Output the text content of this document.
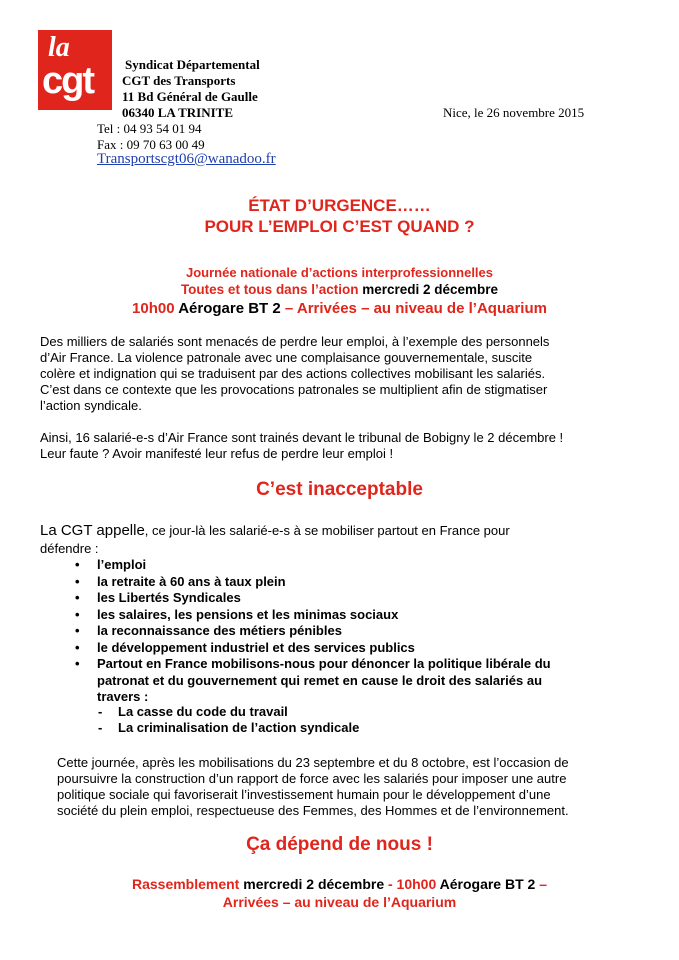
la
cgt Syndicat Départemental
CGT des Transports
11 Bd Général de Gaulle
06340 LA TRINITE	Nice, le 26 novembre 2015
Tel : 04 93 54 01 94
Fax : 09 70 63 00 49
Transportscgt06@wanadoo.fr
ÉTAT D’URGENCE……
POUR L’EMPLOI C’EST QUAND ?
Journée nationale d’actions interprofessionnelles
Toutes et tous dans l’action mercredi 2 décembre
10h00 Aérogare BT 2 – Arrivées – au niveau de l’Aquarium
Des milliers de salariés sont menacés de perdre leur emploi, à l’exemple des personnels
d’Air France. La violence patronale avec une complaisance gouvernementale, suscite
colère et indignation qui se traduisent par des actions collectives mobilisant les salariés.
C’est dans ce contexte que les provocations patronales se multiplient afin de stigmatiser
l’action syndicale.
Ainsi, 16 salarié-e-s d’Air France sont trainés devant le tribunal de Bobigny le 2 décembre !
Leur faute ? Avoir manifesté leur refus de perdre leur emploi !
C’est inacceptable
La CGT appelle, ce jour-là les salarié-e-s à se mobiliser partout en France pour
défendre :
• l’emploi
• la retraite à 60 ans à taux plein
• les Libertés Syndicales
• les salaires, les pensions et les minimas sociaux
• la reconnaissance des métiers pénibles
• le développement industriel et des services publics
• Partout en France mobilisons-nous pour dénoncer la politique libérale du
patronat et du gouvernement qui remet en cause le droit des salariés au
travers :
- La casse du code du travail
- La criminalisation de l’action syndicale
Cette journée, après les mobilisations du 23 septembre et du 8 octobre, est l’occasion de
poursuivre la construction d’un rapport de force avec les salariés pour imposer une autre
politique sociale qui favoriserait l’investissement humain pour le développement d’une
société du plein emploi, respectueuse des Femmes, des Hommes et de l’environnement.
Ça dépend de nous !
Rassemblement mercredi 2 décembre - 10h00 Aérogare BT 2 –
Arrivées – au niveau de l’Aquarium
